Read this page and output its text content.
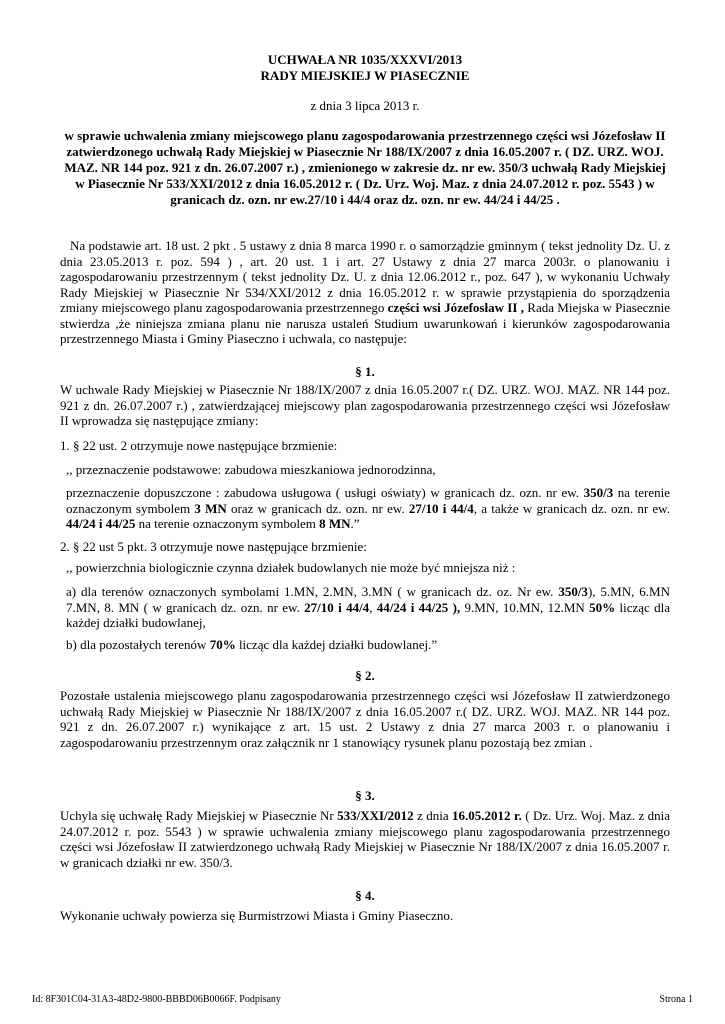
UCHWAŁA NR 1035/XXXVI/2013
RADY MIEJSKIEJ W PIASECZNIE
z dnia 3 lipca 2013 r.
w sprawie uchwalenia zmiany miejscowego planu zagospodarowania przestrzennego części wsi Józefosław II zatwierdzonego uchwałą Rady Miejskiej w Piasecznie Nr 188/IX/2007 z dnia 16.05.2007 r. ( DZ. URZ. WOJ. MAZ. NR 144 poz. 921 z dn. 26.07.2007 r.) , zmienionego w zakresie dz. nr ew. 350/3 uchwałą Rady Miejskiej w Piasecznie Nr 533/XXI/2012 z dnia 16.05.2012 r. ( Dz. Urz. Woj. Maz. z dnia 24.07.2012 r. poz. 5543 ) w granicach dz. ozn. nr ew.27/10 i 44/4 oraz dz. ozn. nr ew. 44/24 i 44/25 .

Na podstawie art. 18 ust. 2 pkt . 5 ustawy z dnia 8 marca 1990 r. o samorządzie gminnym ( tekst jednolity Dz. U. z dnia 23.05.2013 r. poz. 594 ) , art. 20 ust. 1 i art. 27 Ustawy z dnia 27 marca 2003r. o planowaniu i zagospodarowaniu przestrzennym ( tekst jednolity Dz. U. z dnia 12.06.2012 r., poz. 647 ), w wykonaniu Uchwały Rady Miejskiej w Piasecznie Nr 534/XXI/2012 z dnia 16.05.2012 r. w sprawie przystąpienia do sporządzenia zmiany miejscowego planu zagospodarowania przestrzennego części wsi Józefosław II , Rada Miejska w Piasecznie stwierdza ,że niniejsza zmiana planu nie narusza ustaleń Studium uwarunkowań i kierunków zagospodarowania przestrzennego Miasta i Gminy Piaseczno i uchwala, co następuje:

§ 1.

W uchwale Rady Miejskiej w Piasecznie Nr 188/IX/2007 z dnia 16.05.2007 r.( DZ. URZ. WOJ. MAZ. NR 144 poz. 921 z dn. 26.07.2007 r.) , zatwierdzającej miejscowy plan zagospodarowania przestrzennego części wsi Józefosław II wprowadza się następujące zmiany:

1. § 22 ust. 2 otrzymuje nowe następujące brzmienie:

,, przeznaczenie podstawowe: zabudowa mieszkaniowa jednorodzinna,

przeznaczenie dopuszczone : zabudowa usługowa ( usługi oświaty) w granicach dz. ozn. nr ew. 350/3 na terenie oznaczonym symbolem 3 MN oraz w granicach dz. ozn. nr ew. 27/10 i 44/4, a także w granicach dz. ozn. nr ew. 44/24 i 44/25 na terenie oznaczonym symbolem 8 MN.”

2. § 22 ust 5 pkt. 3 otrzymuje nowe następujące brzmienie:

,, powierzchnia biologicznie czynna działek budowlanych nie może być mniejsza niż :

a) dla terenów oznaczonych symbolami 1.MN, 2.MN, 3.MN ( w granicach dz. oz. Nr ew. 350/3), 5.MN, 6.MN 7.MN, 8. MN ( w granicach dz. ozn. nr ew. 27/10 i 44/4, 44/24 i 44/25 ), 9.MN, 10.MN, 12.MN 50% licząc dla każdej działki budowlanej,

b) dla pozostałych terenów 70% licząc dla każdej działki budowlanej.”

§ 2.

Pozostałe ustalenia miejscowego planu zagospodarowania przestrzennego części wsi Józefosław II zatwierdzonego uchwałą Rady Miejskiej w Piasecznie Nr 188/IX/2007 z dnia 16.05.2007 r.( DZ. URZ. WOJ. MAZ. NR 144 poz. 921 z dn. 26.07.2007 r.) wynikające z art. 15 ust. 2 Ustawy z dnia 27 marca 2003 r. o planowaniu i zagospodarowaniu przestrzennym oraz załącznik nr 1 stanowiący rysunek planu pozostają bez zmian .

§ 3.

Uchyla się uchwałę Rady Miejskiej w Piasecznie Nr 533/XXI/2012 z dnia 16.05.2012 r. ( Dz. Urz. Woj. Maz. z dnia 24.07.2012 r. poz. 5543 ) w sprawie uchwalenia zmiany miejscowego planu zagospodarowania przestrzennego części wsi Józefosław II zatwierdzonego uchwałą Rady Miejskiej w Piasecznie Nr 188/IX/2007 z dnia 16.05.2007 r. w granicach działki nr ew. 350/3.

§ 4.

Wykonanie uchwały powierza się Burmistrzowi Miasta i Gminy Piaseczno.

Id: 8F301C04-31A3-48D2-9800-BBBD06B0066F. Podpisany	Strona 1
